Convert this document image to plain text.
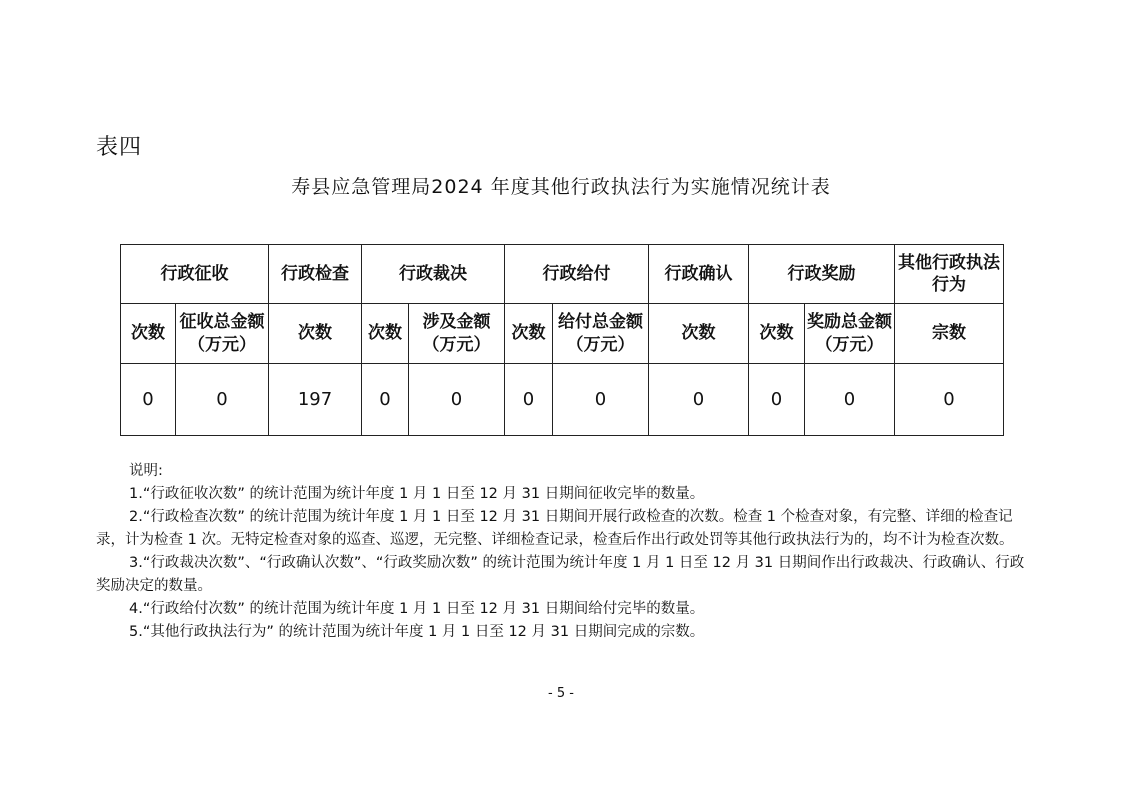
表四
寿县应急管理局2024 年度其他行政执法行为实施情况统计表
行政征收		行政检查	行政裁决		行政给付		行政确认	行政奖励		其他行政执法行为
次数	征收总金额（万元）	次数	次数	涉及金额（万元）	次数	给付总金额（万元）	次数	次数	奖励总金额（万元）	宗数
0	0	197	0	0	0	0	0	0	0	0

说明:

1.“行政征收次数” 的统计范围为统计年度 1 月 1 日至 12 月 31 日期间征收完毕的数量。

2.“行政检查次数” 的统计范围为统计年度 1 月 1 日至 12 月 31 日期间开展行政检查的次数。检查 1 个检查对象，有完整、详细的检查记录，计为检查 1 次。无特定检查对象的巡查、巡逻，无完整、详细检查记录，检查后作出行政处罚等其他行政执法行为的，均不计为检查次数。

3.“行政裁决次数”、“行政确认次数”、“行政奖励次数” 的统计范围为统计年度 1 月 1 日至 12 月 31 日期间作出行政裁决、行政确认、行政奖励决定的数量。

4.“行政给付次数” 的统计范围为统计年度 1 月 1 日至 12 月 31 日期间给付完毕的数量。

5.“其他行政执法行为” 的统计范围为统计年度 1 月 1 日至 12 月 31 日期间完成的宗数。

- 5 -
